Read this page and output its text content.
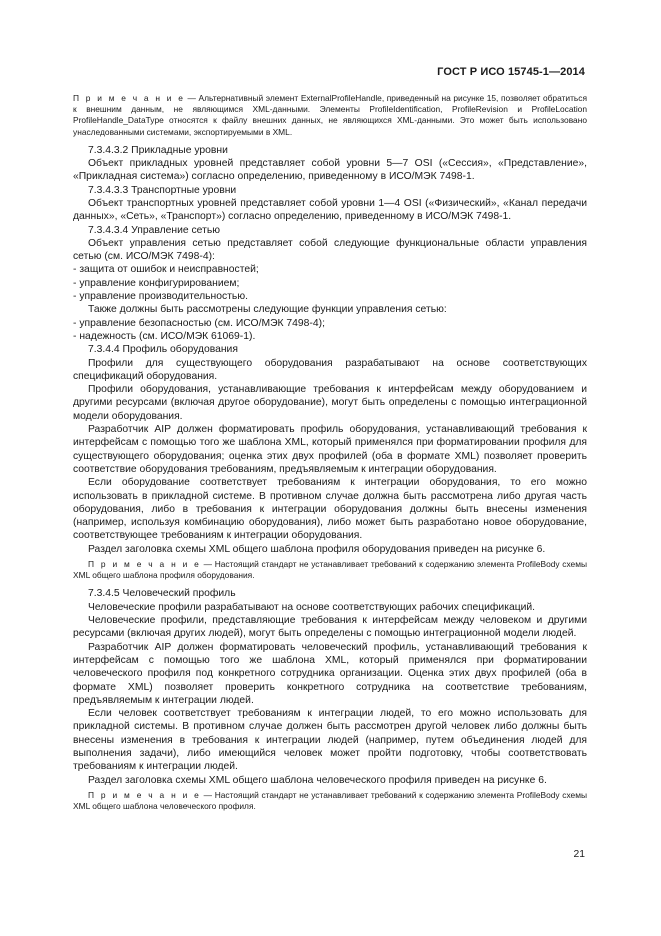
ГОСТ Р ИСО 15745-1—2014

П р и м е ч а н и е — Альтернативный элемент ExternalProfileHandle, приведенный на рисунке 15, позволяет обратиться к внешним данным, не являющимся XML-данными. Элементы ProfileIdentification, ProfileRevision и ProfileLocation ProfileHandle_DataType относятся к файлу внешних данных, не являющихся XML-данными. Это может быть использовано унаследованными системами, экспортируемыми в XML.

7.3.4.3.2 Прикладные уровни

Объект прикладных уровней представляет собой уровни 5—7 OSI («Сессия», «Представление», «Прикладная система») согласно определению, приведенному в ИСО/МЭК 7498-1.

7.3.4.3.3 Транспортные уровни

Объект транспортных уровней представляет собой уровни 1—4 OSI («Физический», «Канал передачи данных», «Сеть», «Транспорт») согласно определению, приведенному в ИСО/МЭК 7498-1.

7.3.4.3.4 Управление сетью

Объект управления сетью представляет собой следующие функциональные области управления сетью (см. ИСО/МЭК 7498-4):

- защита от ошибок и неисправностей;

- управление конфигурированием;

- управление производительностью.

Также должны быть рассмотрены следующие функции управления сетью:

- управление безопасностью (см. ИСО/МЭК 7498-4);

- надежность (см. ИСО/МЭК 61069-1).

7.3.4.4 Профиль оборудования

Профили для существующего оборудования разрабатывают на основе соответствующих спецификаций оборудования.

Профили оборудования, устанавливающие требования к интерфейсам между оборудованием и другими ресурсами (включая другое оборудование), могут быть определены с помощью интеграционной модели оборудования.

Разработчик AIP должен форматировать профиль оборудования, устанавливающий требования к интерфейсам с помощью того же шаблона XML, который применялся при форматировании профиля для существующего оборудования; оценка этих двух профилей (оба в формате XML) позволяет проверить соответствие оборудования требованиям, предъявляемым к интеграции оборудования.

Если оборудование соответствует требованиям к интеграции оборудования, то его можно использовать в прикладной системе. В противном случае должна быть рассмотрена либо другая часть оборудования, либо в требования к интеграции оборудования должны быть внесены изменения (например, используя комбинацию оборудования), либо может быть разработано новое оборудование, соответствующее требованиям к интеграции оборудования.

Раздел заголовка схемы XML общего шаблона профиля оборудования приведен на рисунке 6.

П р и м е ч а н и е — Настоящий стандарт не устанавливает требований к содержанию элемента ProfileBody схемы XML общего шаблона профиля оборудования.

7.3.4.5 Человеческий профиль

Человеческие профили разрабатывают на основе соответствующих рабочих спецификаций.

Человеческие профили, представляющие требования к интерфейсам между человеком и другими ресурсами (включая других людей), могут быть определены с помощью интеграционной модели людей.

Разработчик AIP должен форматировать человеческий профиль, устанавливающий требования к интерфейсам с помощью того же шаблона XML, который применялся при форматировании человеческого профиля под конкретного сотрудника организации. Оценка этих двух профилей (оба в формате XML) позволяет проверить конкретного сотрудника на соответствие требованиям, предъявляемым к интеграции людей.

Если человек соответствует требованиям к интеграции людей, то его можно использовать для прикладной системы. В противном случае должен быть рассмотрен другой человек либо должны быть внесены изменения в требования к интеграции людей (например, путем объединения людей для выполнения задачи), либо имеющийся человек может пройти подготовку, чтобы соответствовать требованиям к интеграции людей.

Раздел заголовка схемы XML общего шаблона человеческого профиля приведен на рисунке 6.

П р и м е ч а н и е — Настоящий стандарт не устанавливает требований к содержанию элемента ProfileBody схемы XML общего шаблона человеческого профиля.

21
